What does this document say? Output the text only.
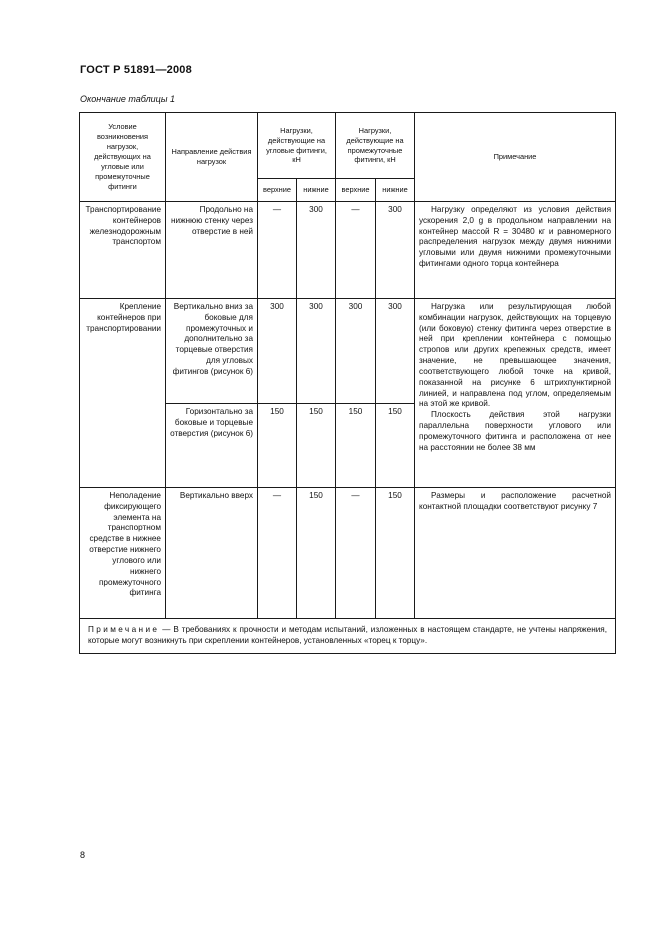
ГОСТ Р 51891—2008
Окончание таблицы 1
Условие возникновения нагрузок, действующих на угловые или промежуточные фитинги	Направление действия нагрузок	Нагрузки, действующие на угловые фитинги, кН		Нагрузки, действующие на промежуточные фитинги, кН		Примечание
		верхние	нижние	верхние	нижние	
Транспортирование контейнеров железнодорожным транспортом	Продольно на нижнюю стенку через отверстие в ней	—	300	—	300	Нагрузку определяют из условия действия ускорения 2,0 g в продольном направлении на контейнер массой R = 30480 кг и равномерного распределения нагрузок между двумя нижними угловыми или двумя нижними промежуточными фитингами одного торца контейнера

Крепление контейнеров при транспортировании	Вертикально вниз за боковые для промежуточных и дополнительно за торцевые отверстия для угловых фитингов (рисунок 6)	300	300	300	300	Нагрузка или результирующая любой комбинации нагрузок, действующих на торцевую (или боковую) стенку фитинга через отверстие в ней при креплении контейнера с помощью стропов или других крепежных средств, имеет значение, не превышающее значения, соответствующего любой точке на кривой, показанной на рисунке 6 штрихпунктирной линией, и направлена под углом, определяемым на этой же кривой.

Плоскость действия этой нагрузки параллельна поверхности углового или промежуточного фитинга и расположена от нее на расстоянии не более 38 мм

	Горизонтально за боковые и торцевые отверстия (рисунок 6)	150	150	150	150	
Неполадение фиксирующего элемента на транспортном средстве в нижнее отверстие нижнего углового или нижнего промежуточного фитинга	Вертикально вверх	—	150	—	150	Размеры и расположение расчетной контактной площадки соответствуют рисунку 7

Примечание — В требованиях к прочности и методам испытаний, изложенных в настоящем стандарте, не учтены напряжения, которые могут возникнуть при скреплении контейнеров, установленных «торец к торцу».						
8
